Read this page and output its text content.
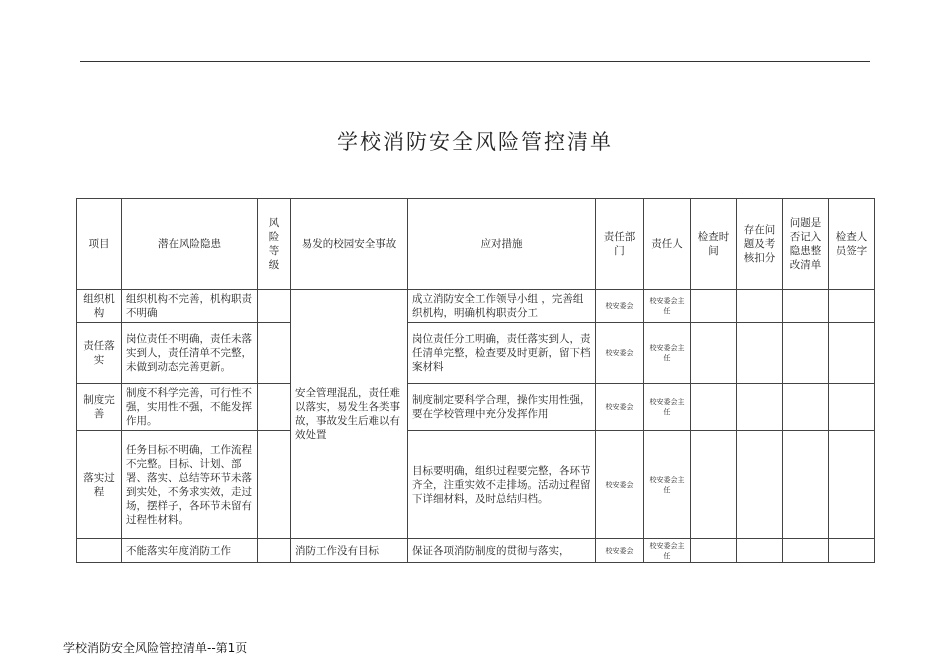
学校消防安全风险管控清单
项目	潜在风险隐患	风险等级	易发的校园安全事故	应对措施	责任部门	责任人	检查时间	存在问题及考核扣分	问题是否记入隐患整改清单	检查人员签字
组织机构	组织机构不完善，机构职责不明确		安全管理混乱，责任难以落实，易发生各类事故，事故发生后难以有效处置	成立消防安全工作领导小组 ，完善组织机构，明确机构职责分工	校安委会	校安委会主任				
责任落实	岗位责任不明确，责任未落实到人，责任清单不完整，未做到动态完善更新。			岗位责任分工明确，责任落实到人，责任清单完整，检查要及时更新，留下档案材料	校安委会	校安委会主任				
制度完善	制度不科学完善，可行性不强，实用性不强，不能发挥作用。			制度制定要科学合理，操作实用性强，要在学校管理中充分发挥作用	校安委会	校安委会主任				
落实过程	任务目标不明确，工作流程不完整。目标、计划、部署、落实、总结等环节未落到实处，不务求实效，走过场，摆样子，各环节未留有过程性材料。			目标要明确，组织过程要完整，各环节齐全，注重实效不走排场。活动过程留下详细材料，及时总结归档。	校安委会	校安委会主任				
	不能落实年度消防工作		消防工作没有目标	保证各项消防制度的贯彻与落实，	校安委会	校安委会主任				
学校消防安全风险管控清单--第1页
